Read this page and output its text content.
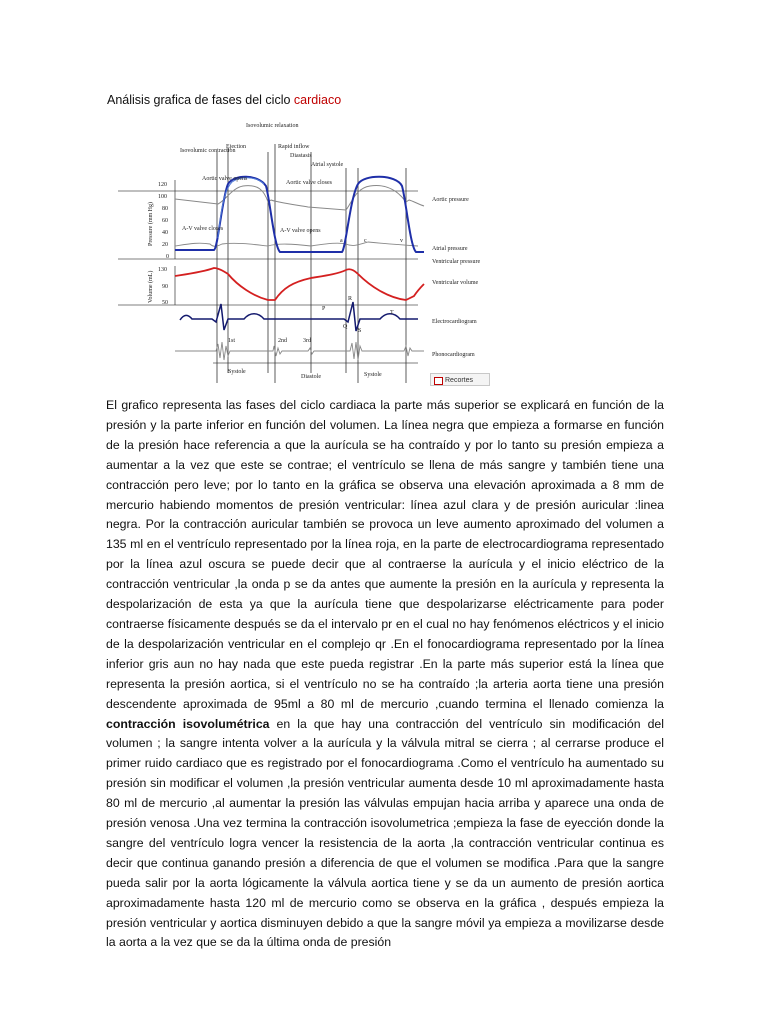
Análisis grafica de fases del ciclo cardiaco
120
100
80
60
40
20
0
130
90
50
Pressure (mm Hg)
Volume (mL)
Isovolumic relaxation
Ejection	Rapid inflow
Diastasis
Atrial systole
Isovolumic contraction
Aortic valve opens
Aortic valve closes
A-V valve closes	A-V valve opens
Aortic pressure
Atrial pressure
Ventricular pressure
Ventricular volume
Electrocardiogram
Phonocardiogram
a	c	v
P
R
Q
S
T
1st	2nd	3rd
Systole
Diastole	Systole
Recortes

El grafico representa las fases del ciclo cardiaca la parte más superior se explicará en función de la presión y la parte inferior en función del volumen. La línea negra que empieza a formarse en función de la presión hace referencia a que la aurícula se ha contraído y por lo tanto su presión empieza a aumentar a la vez que este se contrae; el ventrículo se llena de más sangre y también tiene una contracción pero leve; por lo tanto en la gráfica se observa una elevación aproximada a 8 mm de mercurio habiendo momentos de presión ventricular: línea azul clara y de presión auricular :linea negra. Por la contracción auricular también se provoca un leve aumento aproximado del volumen a 135 ml en el ventrículo representado por la línea roja, en la parte de electrocardiograma representado por la línea azul oscura se puede decir que al contraerse la aurícula y el inicio eléctrico de la contracción ventricular ,la onda p se da antes que aumente la presión en la aurícula y representa la despolarización de esta ya que la aurícula tiene que despolarizarse eléctricamente para poder contraerse físicamente después se da el intervalo pr en el cual no hay fenómenos eléctricos y el inicio de la despolarización ventricular en el complejo qr .En el fonocardiograma representado por la línea inferior gris aun no hay nada que este pueda registrar .En la parte más superior está la línea que representa la presión aortica, si el ventrículo no se ha contraído ;la arteria aorta tiene una presión descendente aproximada de 95ml a 80 ml de mercurio ,cuando termina el llenado comienza la contracción isovolumétrica en la que hay una contracción del ventrículo sin modificación del volumen ; la sangre intenta volver a la aurícula y la válvula mitral se cierra ; al cerrarse produce el primer ruido cardiaco que es registrado por el fonocardiograma .Como el ventrículo ha aumentado su presión sin modificar el volumen ,la presión ventricular aumenta desde 10 ml aproximadamente hasta 80 ml de mercurio ,al aumentar la presión las válvulas empujan hacia arriba y aparece una onda de presión venosa .Una vez termina la contracción isovolumetrica ;empieza la fase de eyección donde la sangre del ventrículo logra vencer la resistencia de la aorta ,la contracción ventricular continua es decir que continua ganando presión a diferencia de que el volumen se modifica .Para que la sangre pueda salir por la aorta lógicamente la válvula aortica tiene y se da un aumento de presión aortica aproximadamente hasta 120 ml de mercurio como se observa en la gráfica , después empieza la presión ventricular y aortica disminuyen debido a que la sangre móvil ya empieza a movilizarse desde la aorta a la vez que se da la última onda de presión
